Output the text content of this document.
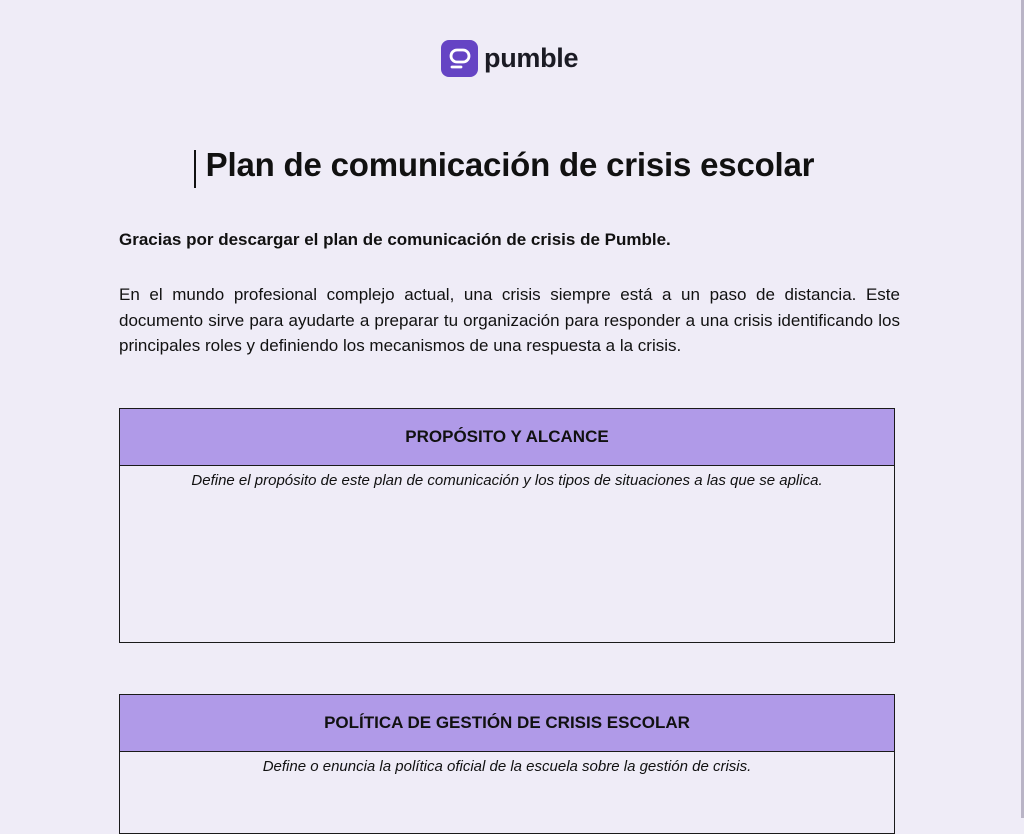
pumble
Plan de comunicación de crisis escolar

Gracias por descargar el plan de comunicación de crisis de Pumble.

En el mundo profesional complejo actual, una crisis siempre está a un paso de distancia. Este documento sirve para ayudarte a preparar tu organización para responder a una crisis identificando los principales roles y definiendo los mecanismos de una respuesta a la crisis.

PROPÓSITO Y ALCANCE
Define el propósito de este plan de comunicación y los tipos de situaciones a las que se aplica.
POLÍTICA DE GESTIÓN DE CRISIS ESCOLAR
Define o enuncia la política oficial de la escuela sobre la gestión de crisis.
